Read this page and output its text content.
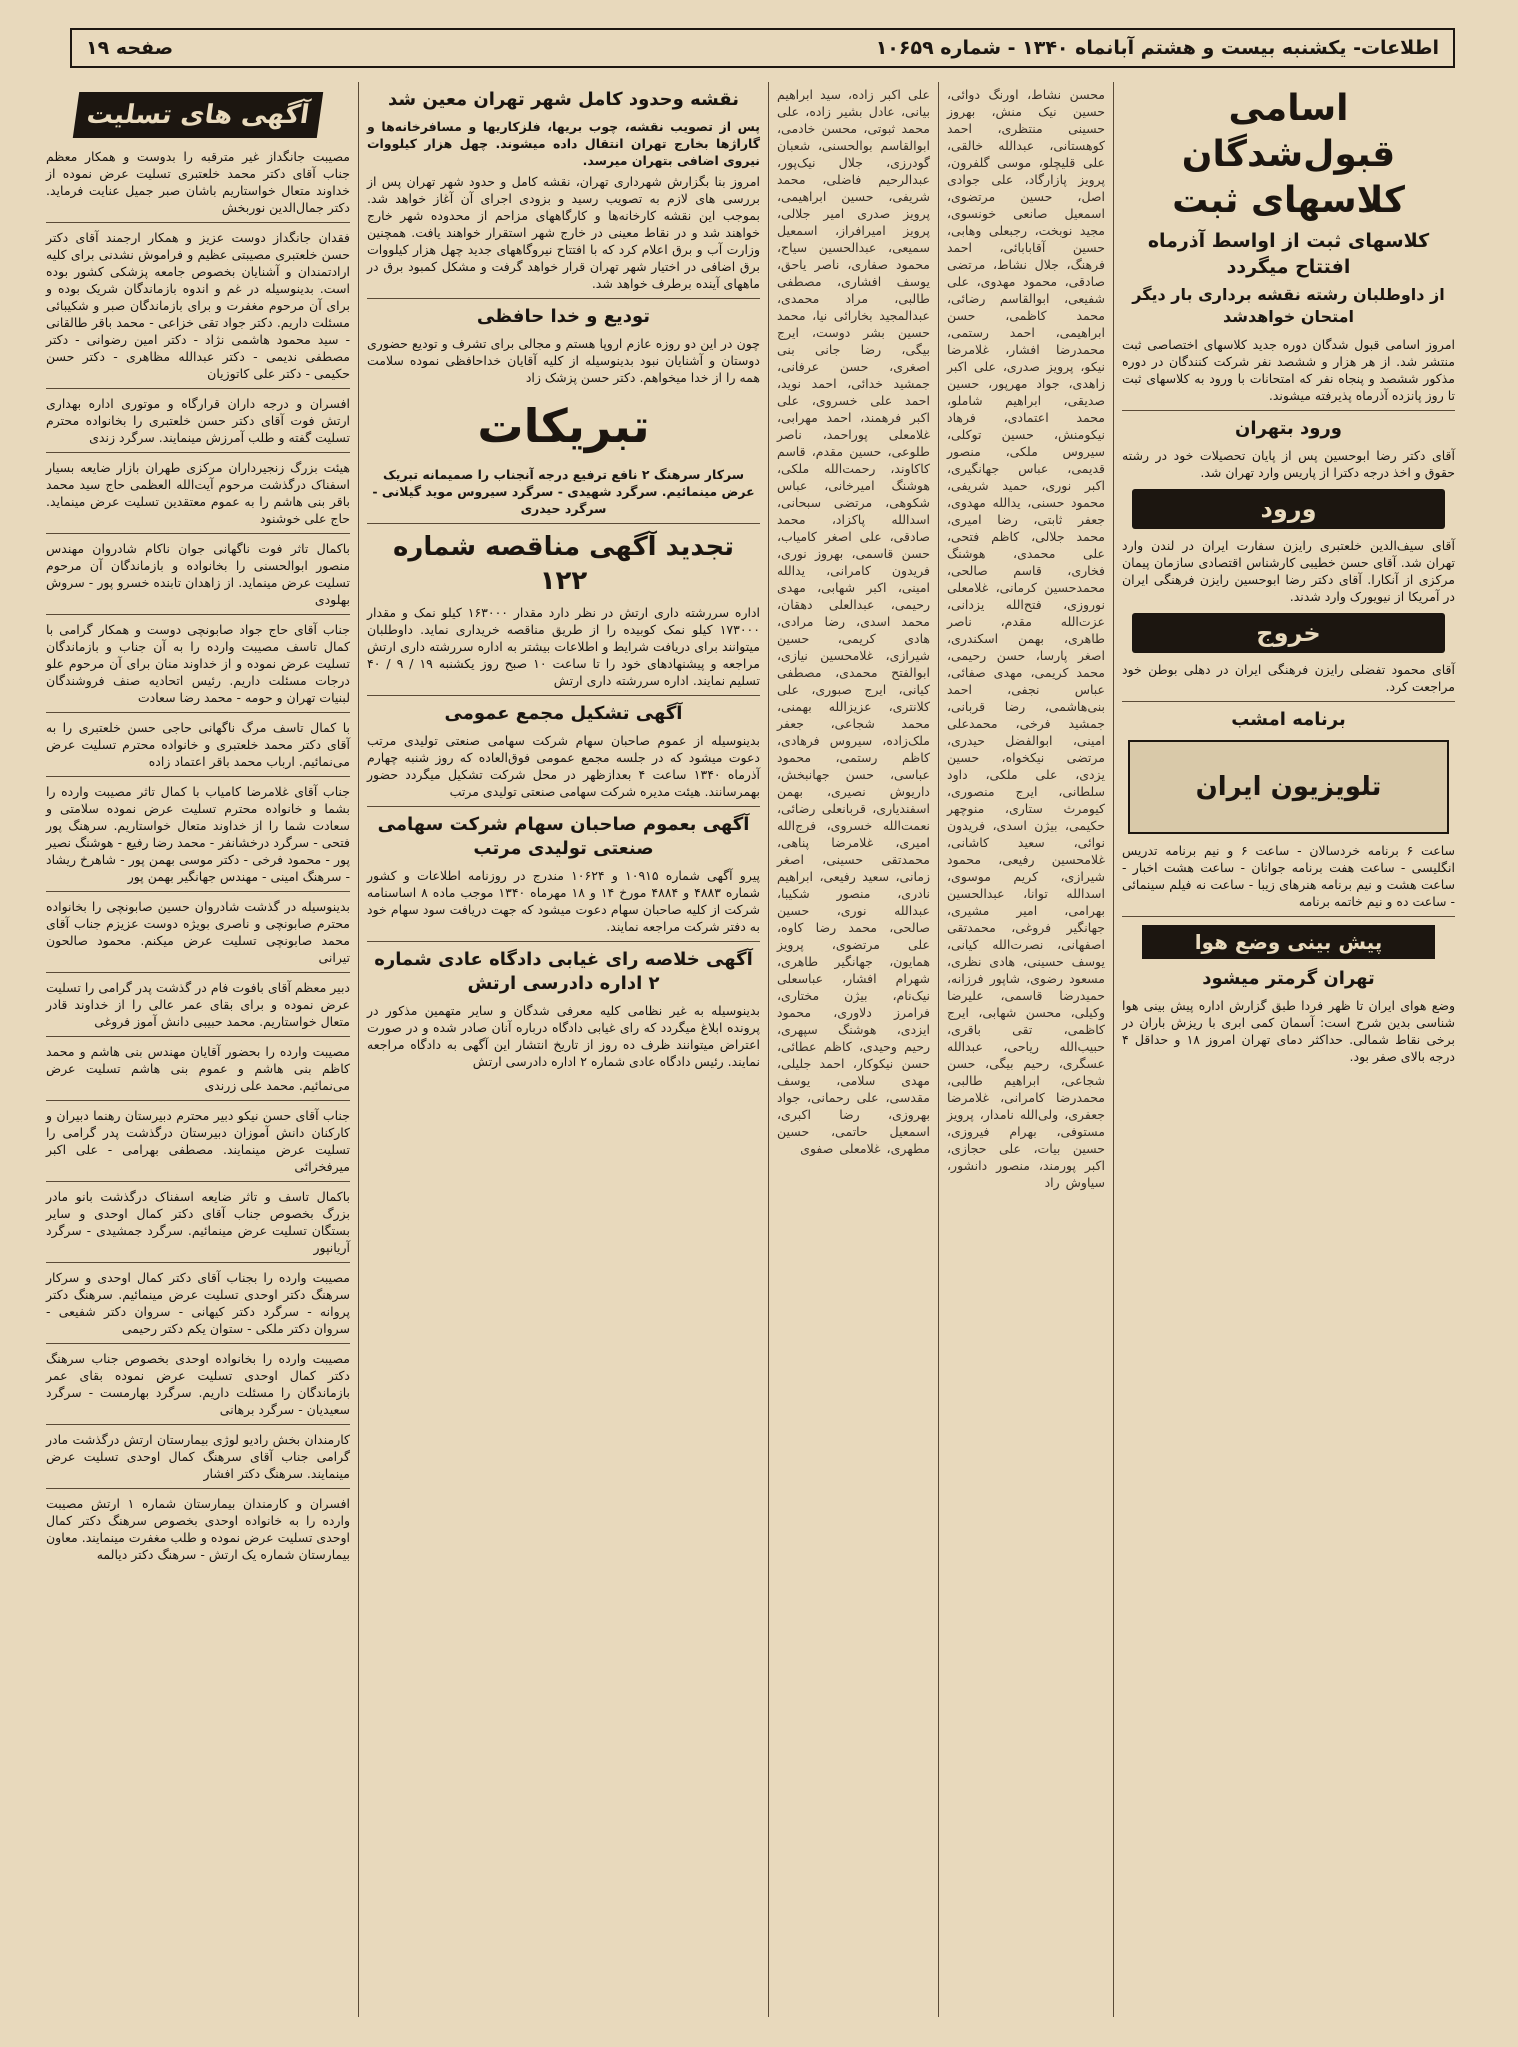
اطلاعات- یکشنبه بیست و هشتم آبانماه ۱۳۴۰ - شماره ۱۰۶۵۹
صفحه ۱۹
اسامی قبول‌شدگان کلاسهای ثبت
کلاسهای ثبت از اواسط آذرماه افتتاح میگردد
از داوطلبان رشته نقشه برداری بار دیگر امتحان خواهدشد
امروز اسامی قبول شدگان دوره جدید کلاسهای اختصاصی ثبت منتشر شد. از هر هزار و ششصد نفر شرکت کنندگان در دوره مذکور ششصد و پنجاه نفر که امتحانات با ورود به کلاسهای ثبت تا روز پانزده آذرماه پذیرفته میشوند.
ورود بتهران
آقای دکتر رضا ابوحسین پس از پایان تحصیلات خود در رشته حقوق و اخذ درجه دکترا از پاریس وارد تهران شد.
ورود
آقای سیف‌الدین خلعتبری رایزن سفارت ایران در لندن وارد تهران شد. آقای حسن خطیبی کارشناس اقتصادی سازمان پیمان مرکزی از آنکارا. آقای دکتر رضا ابوحسین رایزن فرهنگی ایران در آمریکا از نیویورک وارد شدند.
خروج
آقای محمود تفضلی رایزن فرهنگی ایران در دهلی بوطن خود مراجعت کرد.
برنامه امشب
تلویزیون ایران
ساعت ۶ برنامه خردسالان - ساعت ۶ و نیم برنامه تدریس انگلیسی - ساعت هفت برنامه جوانان - ساعت هشت اخبار - ساعت هشت و نیم برنامه هنرهای زیبا - ساعت نه فیلم سینمائی - ساعت ده و نیم خاتمه برنامه
پیش بینی وضع هوا
تهران گرمتر میشود
وضع هوای ایران تا ظهر فردا طبق گزارش اداره پیش بینی هوا شناسی بدین شرح است: آسمان کمی ابری با ریزش باران در برخی نقاط شمالی. حداکثر دمای تهران امروز ۱۸ و حداقل ۴ درجه بالای صفر بود.
محسن نشاط، اورنگ دوائی، حسین نیک منش، بهروز حسینی منتظری، احمد کوهستانی، عبدالله خالقی، علی قلیچلو، موسی گلفرون، پرویز پازارگاد، علی جوادی اصل، حسین مرتضوی، اسمعیل صانعی خونسوی، مجید نوبخت، رجبعلی وهابی، حسین آقابابائی، احمد فرهنگ، جلال نشاط، مرتضی صادقی، محمود مهدوی، علی شفیعی، ابوالقاسم رضائی، محمد کاظمی، حسن ابراهیمی، احمد رستمی، محمدرضا افشار، غلامرضا نیکو، پرویز صدری، علی اکبر زاهدی، جواد مهرپور، حسین صدیقی، ابراهیم شاملو، محمد اعتمادی، فرهاد نیکومنش، حسین توکلی، سیروس ملکی، منصور قدیمی، عباس جهانگیری، اکبر نوری، حمید شریفی، محمود حسنی، یدالله مهدوی، جعفر ثابتی، رضا امیری، محمد جلالی، کاظم فتحی، علی محمدی، هوشنگ فخاری، قاسم صالحی، محمدحسین کرمانی، غلامعلی نوروزی، فتح‌الله یزدانی، عزت‌الله مقدم، ناصر طاهری، بهمن اسکندری، اصغر پارسا، حسن رحیمی، محمد کریمی، مهدی صفائی، عباس نجفی، احمد بنی‌هاشمی، رضا قربانی، جمشید فرخی، محمدعلی امینی، ابوالفضل حیدری، مرتضی نیکخواه، حسین یزدی، علی ملکی، داود سلطانی، ایرج منصوری، کیومرث ستاری، منوچهر حکیمی، بیژن اسدی، فریدون نوائی، سعید کاشانی، غلامحسین رفیعی، محمود شیرازی، کریم موسوی، اسدالله توانا، عبدالحسین بهرامی، امیر مشیری، جهانگیر فروغی، محمدتقی اصفهانی، نصرت‌الله کیانی، یوسف حسینی، هادی نظری، مسعود رضوی، شاپور فرزانه، حمیدرضا قاسمی، علیرضا وکیلی، محسن شهابی، ایرج کاظمی، تقی باقری، حبیب‌الله ریاحی، عبدالله عسگری، رحیم بیگی، حسن شجاعی، ابراهیم طالبی، محمدرضا کامرانی، غلامرضا جعفری، ولی‌الله نامدار، پرویز مستوفی، بهرام فیروزی، حسین بیات، علی حجازی، اکبر پورمند، منصور دانشور، سیاوش راد
علی اکبر زاده، سید ابراهیم بیانی، عادل بشیر زاده، علی محمد ثبوتی، محسن خادمی، ابوالقاسم بوالحسنی، شعبان گودرزی، جلال نیک‌پور، عبدالرحیم فاضلی، محمد شریفی، حسین ابراهیمی، پرویز صدری امیر جلالی، پرویز امیرافراز، اسمعیل سمیعی، عبدالحسین سیاح، محمود صفاری، ناصر یاحق، یوسف افشاری، مصطفی طالبی، مراد محمدی، عبدالمجید بخارائی نیا، محمد حسین بشر دوست، ایرج بیگی، رضا جانی بنی اصغری، حسن عرفانی، جمشید خدائی، احمد نوید، احمد علی خسروی، علی اکبر فرهمند، احمد مهرابی، غلامعلی پوراحمد، ناصر طلوعی، حسین مقدم، قاسم کاکاوند، رحمت‌الله ملکی، هوشنگ امیرخانی، عباس شکوهی، مرتضی سبحانی، اسدالله پاکزاد، محمد صادقی، علی اصغر کامیاب، حسن قاسمی، بهروز نوری، فریدون کامرانی، یدالله امینی، اکبر شهابی، مهدی رحیمی، عبدالعلی دهقان، محمد اسدی، رضا مرادی، هادی کریمی، حسین شیرازی، غلامحسین نیازی، ابوالفتح محمدی، مصطفی کیانی، ایرج صبوری، علی کلانتری، عزیزالله بهمنی، محمد شجاعی، جعفر ملک‌زاده، سیروس فرهادی، کاظم رستمی، محمود عباسی، حسن جهانبخش، داریوش نصیری، بهمن اسفندیاری، قربانعلی رضائی، نعمت‌الله خسروی، فرج‌الله امیری، غلامرضا پناهی، محمدتقی حسینی، اصغر زمانی، سعید رفیعی، ابراهیم نادری، منصور شکیبا، عبدالله نوری، حسین صالحی، محمد رضا کاوه، علی مرتضوی، پرویز همایون، جهانگیر طاهری، شهرام افشار، عباسعلی نیک‌نام، بیژن مختاری، فرامرز دلاوری، محمود ایزدی، هوشنگ سپهری، رحیم وحیدی، کاظم عطائی، حسن نیکوکار، احمد جلیلی، مهدی سلامی، یوسف مقدسی، علی رحمانی، جواد بهروزی، رضا اکبری، اسمعیل حاتمی، حسین مطهری، غلامعلی صفوی
نقشه وحدود کامل شهر تهران معین شد
پس از تصویب نقشه، چوب بریها، فلزکاریها و مسافرخانه‌ها و گاراژها بخارج تهران انتقال داده میشوند. چهل هزار کیلووات نیروی اضافی بتهران میرسد.
امروز بنا بگزارش شهرداری تهران، نقشه کامل و حدود شهر تهران پس از بررسی های لازم به تصویب رسید و بزودی اجرای آن آغاز خواهد شد. بموجب این نقشه کارخانه‌ها و کارگاههای مزاحم از محدوده شهر خارج خواهند شد و در نقاط معینی در خارج شهر استقرار خواهند یافت. همچنین وزارت آب و برق اعلام کرد که با افتتاح نیروگاههای جدید چهل هزار کیلووات برق اضافی در اختیار شهر تهران قرار خواهد گرفت و مشکل کمبود برق در ماههای آینده برطرف خواهد شد.
تودیع و خدا حافظی
چون در این دو روزه عازم اروپا هستم و مجالی برای تشرف و تودیع حضوری دوستان و آشنایان نبود بدینوسیله از کلیه آقایان خداحافظی نموده سلامت همه را از خدا میخواهم. دکتر حسن پزشک زاد
تبریکات
سرکار سرهنگ ۲ نافع ترفیع درجه آنجناب را صمیمانه تبریک عرض مینمائیم. سرگرد شهیدی - سرگرد سیروس موید گیلانی - سرگرد حیدری
تجدید آگهی مناقصه شماره ۱۲۲
اداره سررشته داری ارتش در نظر دارد مقدار ۱۶۳۰۰۰ کیلو نمک و مقدار ۱۷۳۰۰۰ کیلو نمک کوبیده را از طریق مناقصه خریداری نماید. داوطلبان میتوانند برای دریافت شرایط و اطلاعات بیشتر به اداره سررشته داری ارتش مراجعه و پیشنهادهای خود را تا ساعت ۱۰ صبح روز یکشنبه ۱۹ / ۹ / ۴۰ تسلیم نمایند. اداره سررشته داری ارتش
آگهی تشکیل مجمع عمومی
بدینوسیله از عموم صاحبان سهام شرکت سهامی صنعتی تولیدی مرتب دعوت میشود که در جلسه مجمع عمومی فوق‌العاده که روز شنبه چهارم آذرماه ۱۳۴۰ ساعت ۴ بعدازظهر در محل شرکت تشکیل میگردد حضور بهمرسانند. هیئت مدیره شرکت سهامی صنعتی تولیدی مرتب
آگهی بعموم صاحبان سهام شرکت سهامی صنعتی تولیدی مرتب
پیرو آگهی شماره ۱۰۹۱۵ و ۱۰۶۲۴ مندرج در روزنامه اطلاعات و کشور شماره ۴۸۸۳ و ۴۸۸۴ مورخ ۱۴ و ۱۸ مهرماه ۱۳۴۰ موجب ماده ۸ اساسنامه شرکت از کلیه صاحبان سهام دعوت میشود که جهت دریافت سود سهام خود به دفتر شرکت مراجعه نمایند.
آگهی خلاصه رای غیابی دادگاه عادی شماره ۲ اداره دادرسی ارتش
بدینوسیله به غیر نظامی کلیه معرفی شدگان و سایر متهمین مذکور در پرونده ابلاغ میگردد که رای غیابی دادگاه درباره آنان صادر شده و در صورت اعتراض میتوانند ظرف ده روز از تاریخ انتشار این آگهی به دادگاه مراجعه نمایند. رئیس دادگاه عادی شماره ۲ اداره دادرسی ارتش
آگهی های تسلیت
مصیبت جانگداز غیر مترقبه را بدوست و همکار معظم جناب آقای دکتر محمد خلعتبری تسلیت عرض نموده از خداوند متعال خواستاریم باشان صبر جمیل عنایت فرماید. دکتر جمال‌الدین نوربخش
فقدان جانگداز دوست عزیز و همکار ارجمند آقای دکتر حسن خلعتبری مصیبتی عظیم و فراموش نشدنی برای کلیه ارادتمندان و آشنایان بخصوص جامعه پزشکی کشور بوده است. بدینوسیله در غم و اندوه بازماندگان شریک بوده و برای آن مرحوم مغفرت و برای بازماندگان صبر و شکیبائی مسئلت داریم. دکتر جواد تقی خزاعی - محمد باقر طالقانی - سید محمود هاشمی نژاد - دکتر امین رضوانی - دکتر مصطفی ندیمی - دکتر عبدالله مظاهری - دکتر حسن حکیمی - دکتر علی کاتوزیان
افسران و درجه داران قرارگاه و موتوری اداره بهداری ارتش فوت آقای دکتر حسن خلعتبری را بخانواده محترم تسلیت گفته و طلب آمرزش مینمایند. سرگرد زندی
هیئت بزرگ زنجیرداران مرکزی طهران بازار ضایعه بسیار اسفناک درگذشت مرحوم آیت‌الله العظمی حاج سید محمد باقر بنی هاشم را به عموم معتقدین تسلیت عرض مینماید. حاج علی خوشنود
باکمال تاثر فوت ناگهانی جوان ناکام شادروان مهندس منصور ابوالحسنی را بخانواده و بازماندگان آن مرحوم تسلیت عرض مینماید. از زاهدان تابنده خسرو پور - سروش بهلودی
جناب آقای حاج جواد صابونچی دوست و همکار گرامی با کمال تاسف مصیبت وارده را به آن جناب و بازماندگان تسلیت عرض نموده و از خداوند منان برای آن مرحوم علو درجات مسئلت داریم. رئیس اتحادیه صنف فروشندگان لبنیات تهران و حومه - محمد رضا سعادت
با کمال تاسف مرگ ناگهانی حاجی حسن خلعتبری را به آقای دکتر محمد خلعتبری و خانواده محترم تسلیت عرض می‌نمائیم. ارباب محمد باقر اعتماد زاده
جناب آقای غلامرضا کامیاب با کمال تاثر مصیبت وارده را بشما و خانواده محترم تسلیت عرض نموده سلامتی و سعادت شما را از خداوند متعال خواستاریم. سرهنگ پور فتحی - سرگرد درخشانفر - محمد رضا رفیع - هوشنگ نصیر پور - محمود فرخی - دکتر موسی بهمن پور - شاهرخ ریشاد - سرهنگ امینی - مهندس جهانگیر بهمن پور
بدینوسیله در گذشت شادروان حسین صابونچی را بخانواده محترم صابونچی و ناصری بویژه دوست عزیزم جناب آقای محمد صابونچی تسلیت عرض میکنم. محمود صالحون تیرانی
دبیر معظم آقای بافوت فام در گذشت پدر گرامی را تسلیت عرض نموده و برای بقای عمر عالی را از خداوند قادر متعال خواستاریم. محمد حبیبی دانش آموز فروغی
مصیبت وارده را بحضور آقایان مهندس بنی هاشم و محمد کاظم بنی هاشم و عموم بنی هاشم تسلیت عرض می‌نمائیم. محمد علی زرندی
جناب آقای حسن نیکو دبیر محترم دبیرستان رهنما دبیران و کارکنان دانش آموزان دبیرستان درگذشت پدر گرامی را تسلیت عرض مینمایند. مصطفی بهرامی - علی اکبر میرفخرائی
باکمال تاسف و تاثر ضایعه اسفناک درگذشت بانو مادر بزرگ بخصوص جناب آقای دکتر کمال اوحدی و سایر بستگان تسلیت عرض مینمائیم. سرگرد جمشیدی - سرگرد آریانپور
مصیبت وارده را بجناب آقای دکتر کمال اوحدی و سرکار سرهنگ دکتر اوحدی تسلیت عرض مینمائیم. سرهنگ دکتر پروانه - سرگرد دکتر کیهانی - سروان دکتر شفیعی - سروان دکتر ملکی - ستوان یکم دکتر رحیمی
مصیبت وارده را بخانواده اوحدی بخصوص جناب سرهنگ دکتر کمال اوحدی تسلیت عرض نموده بقای عمر بازماندگان را مسئلت داریم. سرگرد بهارمست - سرگرد سعیدیان - سرگرد برهانی
کارمندان بخش رادیو لوژی بیمارستان ارتش درگذشت مادر گرامی جناب آقای سرهنگ کمال اوحدی تسلیت عرض مینمایند. سرهنگ دکتر افشار
افسران و کارمندان بیمارستان شماره ۱ ارتش مصیبت وارده را به خانواده اوحدی بخصوص سرهنگ دکتر کمال اوحدی تسلیت عرض نموده و طلب مغفرت مینمایند. معاون بیمارستان شماره یک ارتش - سرهنگ دکتر دیالمه
